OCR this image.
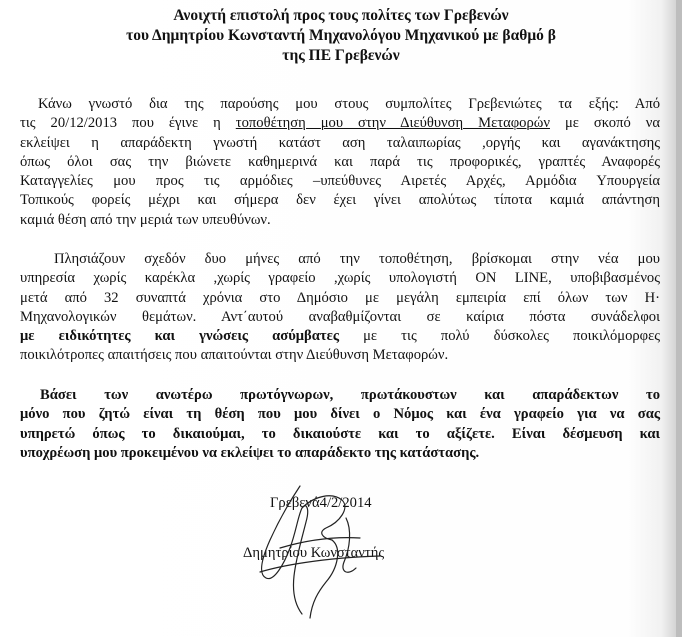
Ανοιχτή επιστολή προς τους πολίτες των Γρεβενών
του Δημητρίου Κωνσταντή Μηχανολόγου Μηχανικού με βαθμό β
της ΠΕ Γρεβενών
Κάνω γνωστό δια της παρούσης μου στους συμπολίτες Γρεβενιώτες τα εξής: Από
τις 20/12/2013 που έγινε η τοποθέτηση μου στην Διεύθυνση Μεταφορών με σκοπό να
εκλείψει η απαράδεκτη γνωστή κατάστ αση ταλαιπωρίας ,οργής και αγανάκτησης
όπως όλοι σας την βιώνετε καθημερινά και παρά τις προφορικές, γραπτές Αναφορές
Καταγγελίες μου προς τις αρμόδιες –υπεύθυνες Αιρετές Αρχές, Αρμόδια Υπουργεία
Τοπικούς φορείς μέχρι και σήμερα δεν έχει γίνει απολύτως τίποτα καμιά απάντηση
καμιά θέση από την μεριά των υπευθύνων.
Πλησιάζουν σχεδόν δυο μήνες από την τοποθέτηση, βρίσκομαι στην νέα μου
υπηρεσία χωρίς καρέκλα ,χωρίς γραφείο ,χωρίς υπολογιστή ON LINE, υποβιβασμένος
μετά από 32 συναπτά χρόνια στο Δημόσιο με μεγάλη εμπειρία επί όλων των Η·
Μηχανολογικών θεμάτων. Αντ΄αυτού αναβαθμίζονται σε καίρια πόστα συνάδελφοι
με ειδικότητες και γνώσεις ασύμβατες με τις πολύ δύσκολες ποικιλόμορφες
ποικιλότροπες απαιτήσεις που απαιτούνται στην Διεύθυνση Μεταφορών.
Βάσει των ανωτέρω πρωτόγνωρων, πρωτάκουστων και απαράδεκτων το
μόνο που ζητώ είναι τη θέση που μου δίνει ο Νόμος και ένα γραφείο για να σας
υπηρετώ όπως το δικαιούμαι, το δικαιούστε και το αξίζετε. Είναι δέσμευση και
υποχρέωση μου προκειμένου να εκλείψει το απαράδεκτο της κατάστασης.
Γρεβενά4/2/2014
Δημητρίου Κωνσταντής
